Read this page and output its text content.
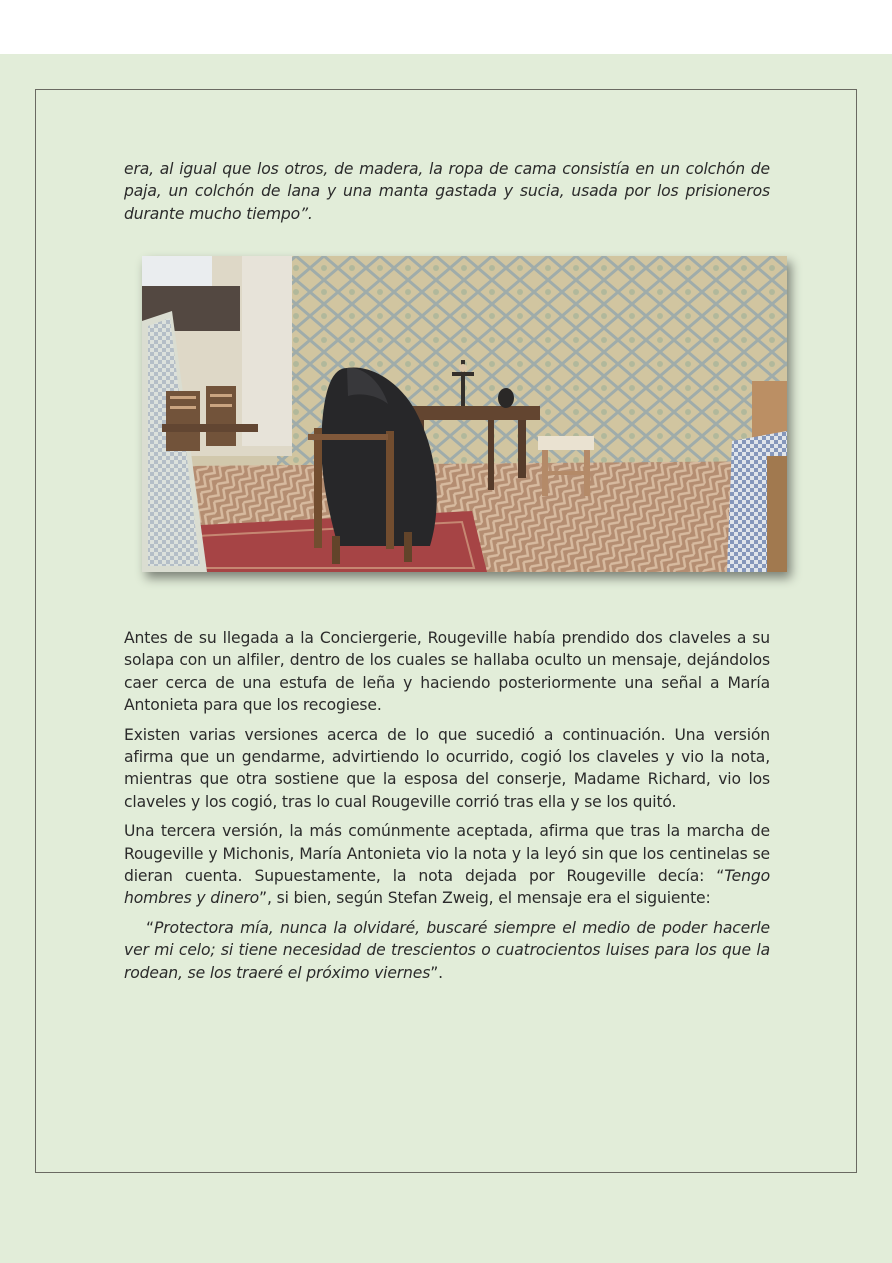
era, al igual que los otros, de madera, la ropa de cama consistía en un colchón de paja, un colchón de lana y una manta gastada y sucia, usada por los prisioneros durante mucho tiempo”.

Antes de su llegada a la Conciergerie, Rougeville había prendido dos claveles a su solapa con un alfiler, dentro de los cuales se hallaba oculto un mensaje, dejándolos caer cerca de una estufa de leña y haciendo posteriormente una señal a María Antonieta para que los recogiese.

Existen varias versiones acerca de lo que sucedió a continuación. Una versión afirma que un gendarme, advirtiendo lo ocurrido, cogió los claveles y vio la nota, mientras que otra sostiene que la esposa del conserje, Madame Richard, vio los claveles y los cogió, tras lo cual Rougeville corrió tras ella y se los quitó.

Una tercera versión, la más comúnmente aceptada, afirma que tras la marcha de Rougeville y Michonis, María Antonieta vio la nota y la leyó sin que los centinelas se dieran cuenta. Supuestamente, la nota dejada por Rougeville decía: “Tengo hombres y dinero”, si bien, según Stefan Zweig, el mensaje era el siguiente:

“Protectora mía, nunca la olvidaré, buscaré siempre el medio de poder hacerle ver mi celo; si tiene necesidad de trescientos o cuatrocientos luises para los que la rodean, se los traeré el próximo viernes”.
